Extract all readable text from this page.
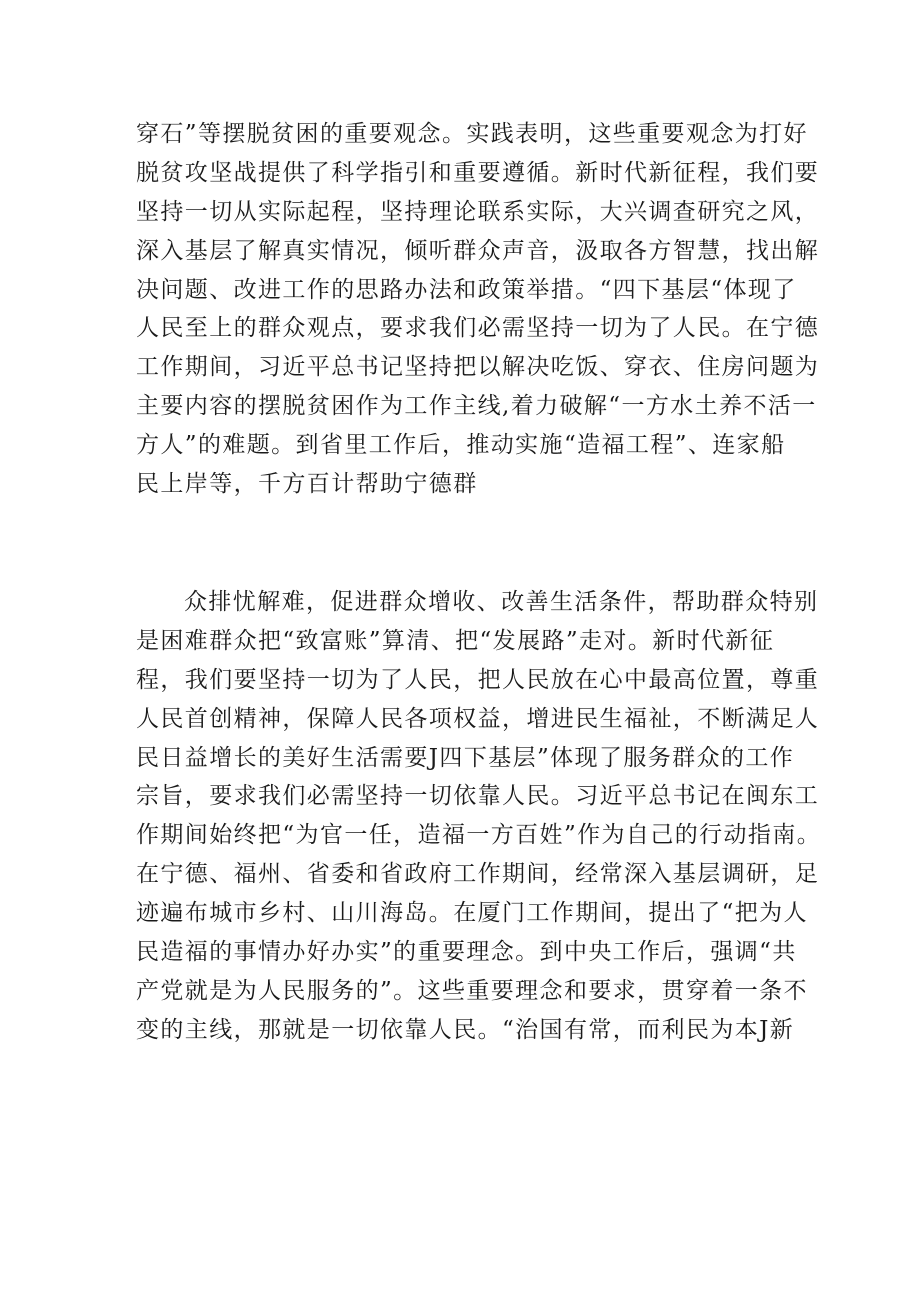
穿石”等摆脱贫困的重要观念。实践表明，这些重要观念为打好
脱贫攻坚战提供了科学指引和重要遵循。新时代新征程，我们要
坚持一切从实际起程，坚持理论联系实际，大兴调查研究之风，
深入基层了解真实情况，倾听群众声音，汲取各方智慧，找出解
决问题、改进工作的思路办法和政策举措。“四下基层“体现了
人民至上的群众观点，要求我们必需坚持一切为了人民。在宁德
工作期间，习近平总书记坚持把以解决吃饭、穿衣、住房问题为
主要内容的摆脱贫困作为工作主线,着力破解“一方水土养不活一
方人”的难题。到省里工作后，推动实施“造福工程”、连家船
民上岸等，千方百计帮助宁德群
众排忧解难，促进群众增收、改善生活条件，帮助群众特别
是困难群众把“致富账”算清、把“发展路”走对。新时代新征
程，我们要坚持一切为了人民，把人民放在心中最高位置，尊重
人民首创精神，保障人民各项权益，增进民生福祉，不断满足人
民日益增长的美好生活需要J四下基层”体现了服务群众的工作
宗旨，要求我们必需坚持一切依靠人民。习近平总书记在闽东工
作期间始终把“为官一任，造福一方百姓”作为自己的行动指南。
在宁德、福州、省委和省政府工作期间，经常深入基层调研，足
迹遍布城市乡村、山川海岛。在厦门工作期间，提出了“把为人
民造福的事情办好办实”的重要理念。到中央工作后，强调“共
产党就是为人民服务的”。这些重要理念和要求，贯穿着一条不
变的主线，那就是一切依靠人民。“治国有常，而利民为本J新
